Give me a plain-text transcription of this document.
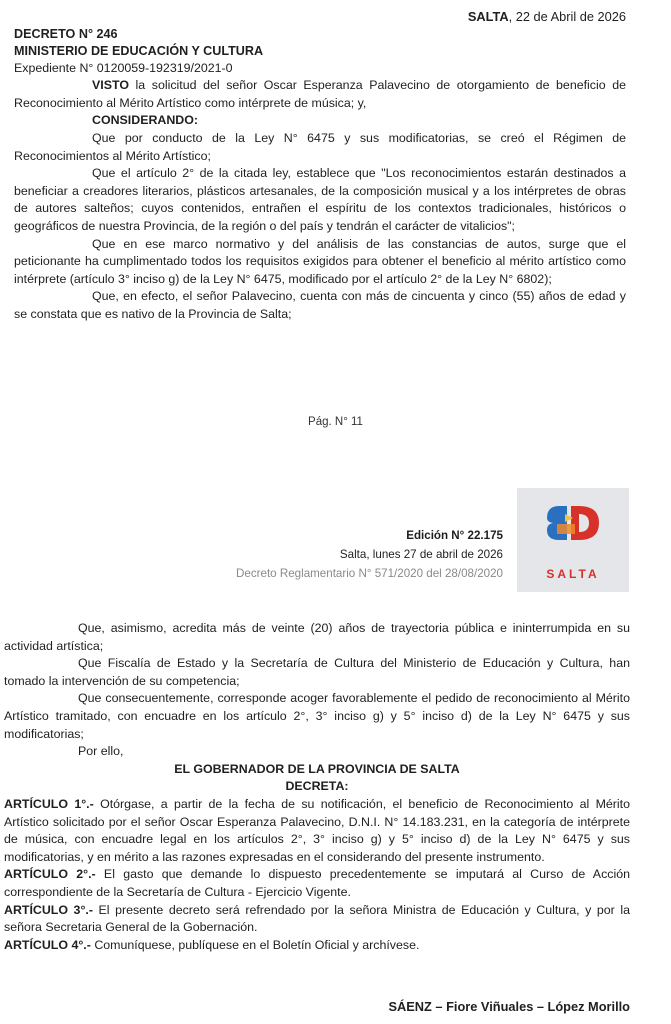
SALTA, 22 de Abril de 2026
DECRETO N° 246
MINISTERIO DE EDUCACIÓN Y CULTURA
Expediente N° 0120059-192319/2021-0

VISTO la solicitud del señor Oscar Esperanza Palavecino de otorgamiento de beneficio de Reconocimiento al Mérito Artístico como intérprete de música; y,

CONSIDERANDO:

Que por conducto de la Ley N° 6475 y sus modificatorias, se creó el Régimen de Reconocimientos al Mérito Artístico;

Que el artículo 2° de la citada ley, establece que "Los reconocimientos estarán destinados a beneficiar a creadores literarios, plásticos artesanales, de la composición musical y a los intérpretes de obras de autores salteños; cuyos contenidos, entrañen el espíritu de los contextos tradicionales, históricos o geográficos de nuestra Provincia, de la región o del país y tendrán el carácter de vitalicios";

Que en ese marco normativo y del análisis de las constancias de autos, surge que el peticionante ha cumplimentado todos los requisitos exigidos para obtener el beneficio al mérito artístico como intérprete (artículo 3° inciso g) de la Ley N° 6475, modificado por el artículo 2° de la Ley N° 6802);

Que, en efecto, el señor Palavecino, cuenta con más de cincuenta y cinco (55) años de edad y se constata que es nativo de la Provincia de Salta;

Pág. N° 11
Edición N° 22.175
Salta, lunes 27 de abril de 2026
Decreto Reglamentario N° 571/2020 del 28/08/2020	SALTA

Que, asimismo, acredita más de veinte (20) años de trayectoria pública e ininterrumpida en su actividad artística;

Que Fiscalía de Estado y la Secretaría de Cultura del Ministerio de Educación y Cultura, han tomado la intervención de su competencia;

Que consecuentemente, corresponde acoger favorablemente el pedido de reconocimiento al Mérito Artístico tramitado, con encuadre en los artículo 2°, 3° inciso g) y 5° inciso d) de la Ley N° 6475 y sus modificatorias;

Por ello,

EL GOBERNADOR DE LA PROVINCIA DE SALTA
DECRETA:

ARTÍCULO 1°.- Otórgase, a partir de la fecha de su notificación, el beneficio de Reconocimiento al Mérito Artístico solicitado por el señor Oscar Esperanza Palavecino, D.N.I. N° 14.183.231, en la categoría de intérprete de música, con encuadre legal en los artículos 2°, 3° inciso g) y 5° inciso d) de la Ley N° 6475 y sus modificatorias, y en mérito a las razones expresadas en el considerando del presente instrumento.

ARTÍCULO 2°.- El gasto que demande lo dispuesto precedentemente se imputará al Curso de Acción correspondiente de la Secretaría de Cultura - Ejercicio Vigente.

ARTÍCULO 3°.- El presente decreto será refrendado por la señora Ministra de Educación y Cultura, y por la señora Secretaria General de la Gobernación.

ARTÍCULO 4°.- Comuníquese, publíquese en el Boletín Oficial y archívese.

SÁENZ – Fiore Viñuales – López Morillo
